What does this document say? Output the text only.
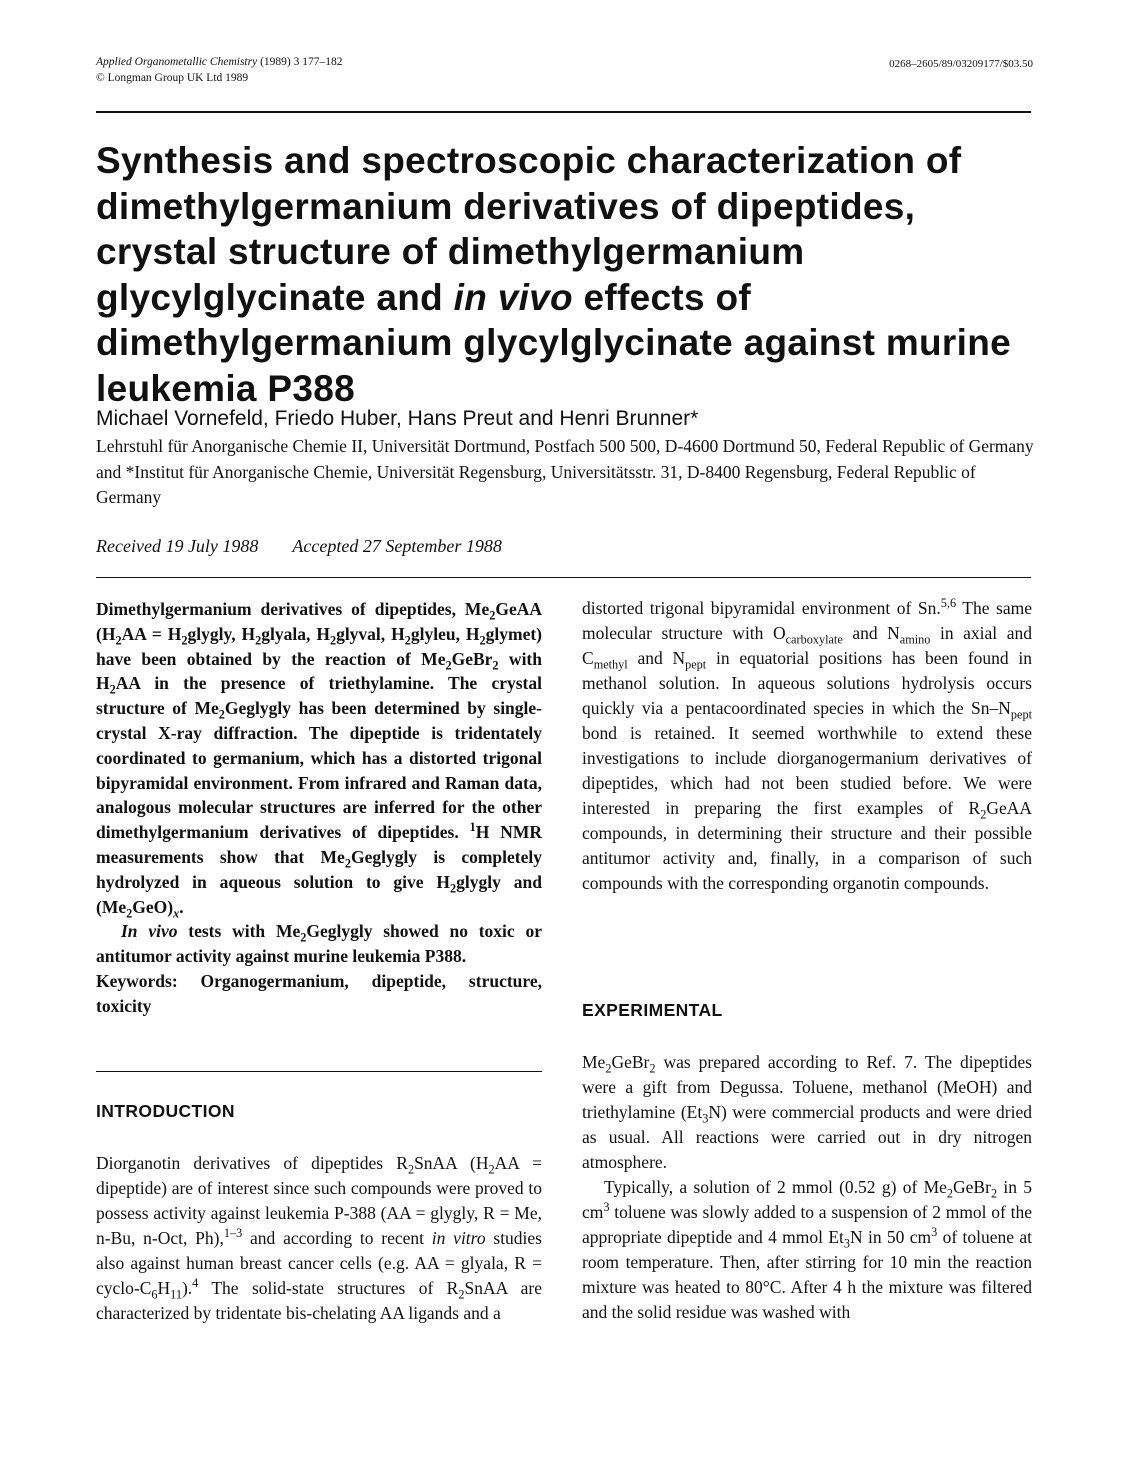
Applied Organometallic Chemistry (1989) 3 177–182
© Longman Group UK Ltd 1989
0268–2605/89/03209177/$03.50
Synthesis and spectroscopic characterization of dimethylgermanium derivatives of dipeptides, crystal structure of dimethylgermanium glycylglycinate and in vivo effects of dimethylgermanium glycylglycinate against murine leukemia P388
Michael Vornefeld, Friedo Huber, Hans Preut and Henri Brunner*
Lehrstuhl für Anorganische Chemie II, Universität Dortmund, Postfach 500 500, D-4600 Dortmund 50, Federal Republic of Germany and *Institut für Anorganische Chemie, Universität Regensburg, Universitätsstr. 31, D-8400 Regensburg, Federal Republic of Germany
Received 19 July 1988 Accepted 27 September 1988

Dimethylgermanium derivatives of dipeptides, $Me_2GeAA$ ($H_2AA$ = $H_2glygly$, $H_2glyala$, $H_2glyval$, $H_2glyleu$, $H_2glymet$) have been obtained by the reaction of $Me_2GeBr_2$ with $H_2AA$ in the presence of triethylamine. The crystal structure of $Me_2Geglygly$ has been determined by single-crystal X-ray diffraction. The dipeptide is tridentately coordinated to germanium, which has a distorted trigonal bipyramidal environment. From infrared and Raman data, analogous molecular structures are inferred for the other dimethylgermanium derivatives of dipeptides. $^1$H NMR measurements show that $Me_2Geglygly$ is completely hydrolyzed in aqueous solution to give $H_2glygly$ and $(Me_2GeO)_x$.

In vivo tests with $Me_2Geglygly$ showed no toxic or antitumor activity against murine leukemia P388.

Keywords: Organogermanium, dipeptide, structure, toxicity

INTRODUCTION

Diorganotin derivatives of dipeptides $R_2SnAA$ ($H_2AA$ = dipeptide) are of interest since such compounds were proved to possess activity against leukemia P-388 (AA = glygly, R = Me, n-Bu, n-Oct, Ph),$^{1-3}$ and according to recent in vitro studies also against human breast cancer cells (e.g. AA = glyala, R = cyclo-$C_6H_{11}).^4$ The solid-state structures of $R_2SnAA$ are characterized by tridentate bis-chelating AA ligands and a

distorted trigonal bipyramidal environment of Sn.$^{5,6}$ The same molecular structure with $O_{carboxylate}$ and $N_{amino}$ in axial and $C_{methyl}$ and $N_{pept}$ in equatorial positions has been found in methanol solution. In aqueous solutions hydrolysis occurs quickly via a pentacoordinated species in which the $Sn-N_{pept}$ bond is retained. It seemed worthwhile to extend these investigations to include diorganogermanium derivatives of dipeptides, which had not been studied before. We were interested in preparing the first examples of $R_2GeAA$ compounds, in determining their structure and their possible antitumor activity and, finally, in a comparison of such compounds with the corresponding organotin compounds.

EXPERIMENTAL

$Me_2GeBr_2$ was prepared according to Ref. 7. The dipeptides were a gift from Degussa. Toluene, methanol (MeOH) and triethylamine $(Et_3N)$ were commercial products and were dried as usual. All reactions were carried out in dry nitrogen atmosphere.

Typically, a solution of 2 mmol (0.52 g) of $Me_2GeBr_2$ in 5 $cm^3$ toluene was slowly added to a suspension of 2 mmol of the appropriate dipeptide and 4 mmol $Et_3N$ in 50 $cm^3$ of toluene at room temperature. Then, after stirring for 10 min the reaction mixture was heated to 80°C. After 4 h the mixture was filtered and the solid residue was washed with
